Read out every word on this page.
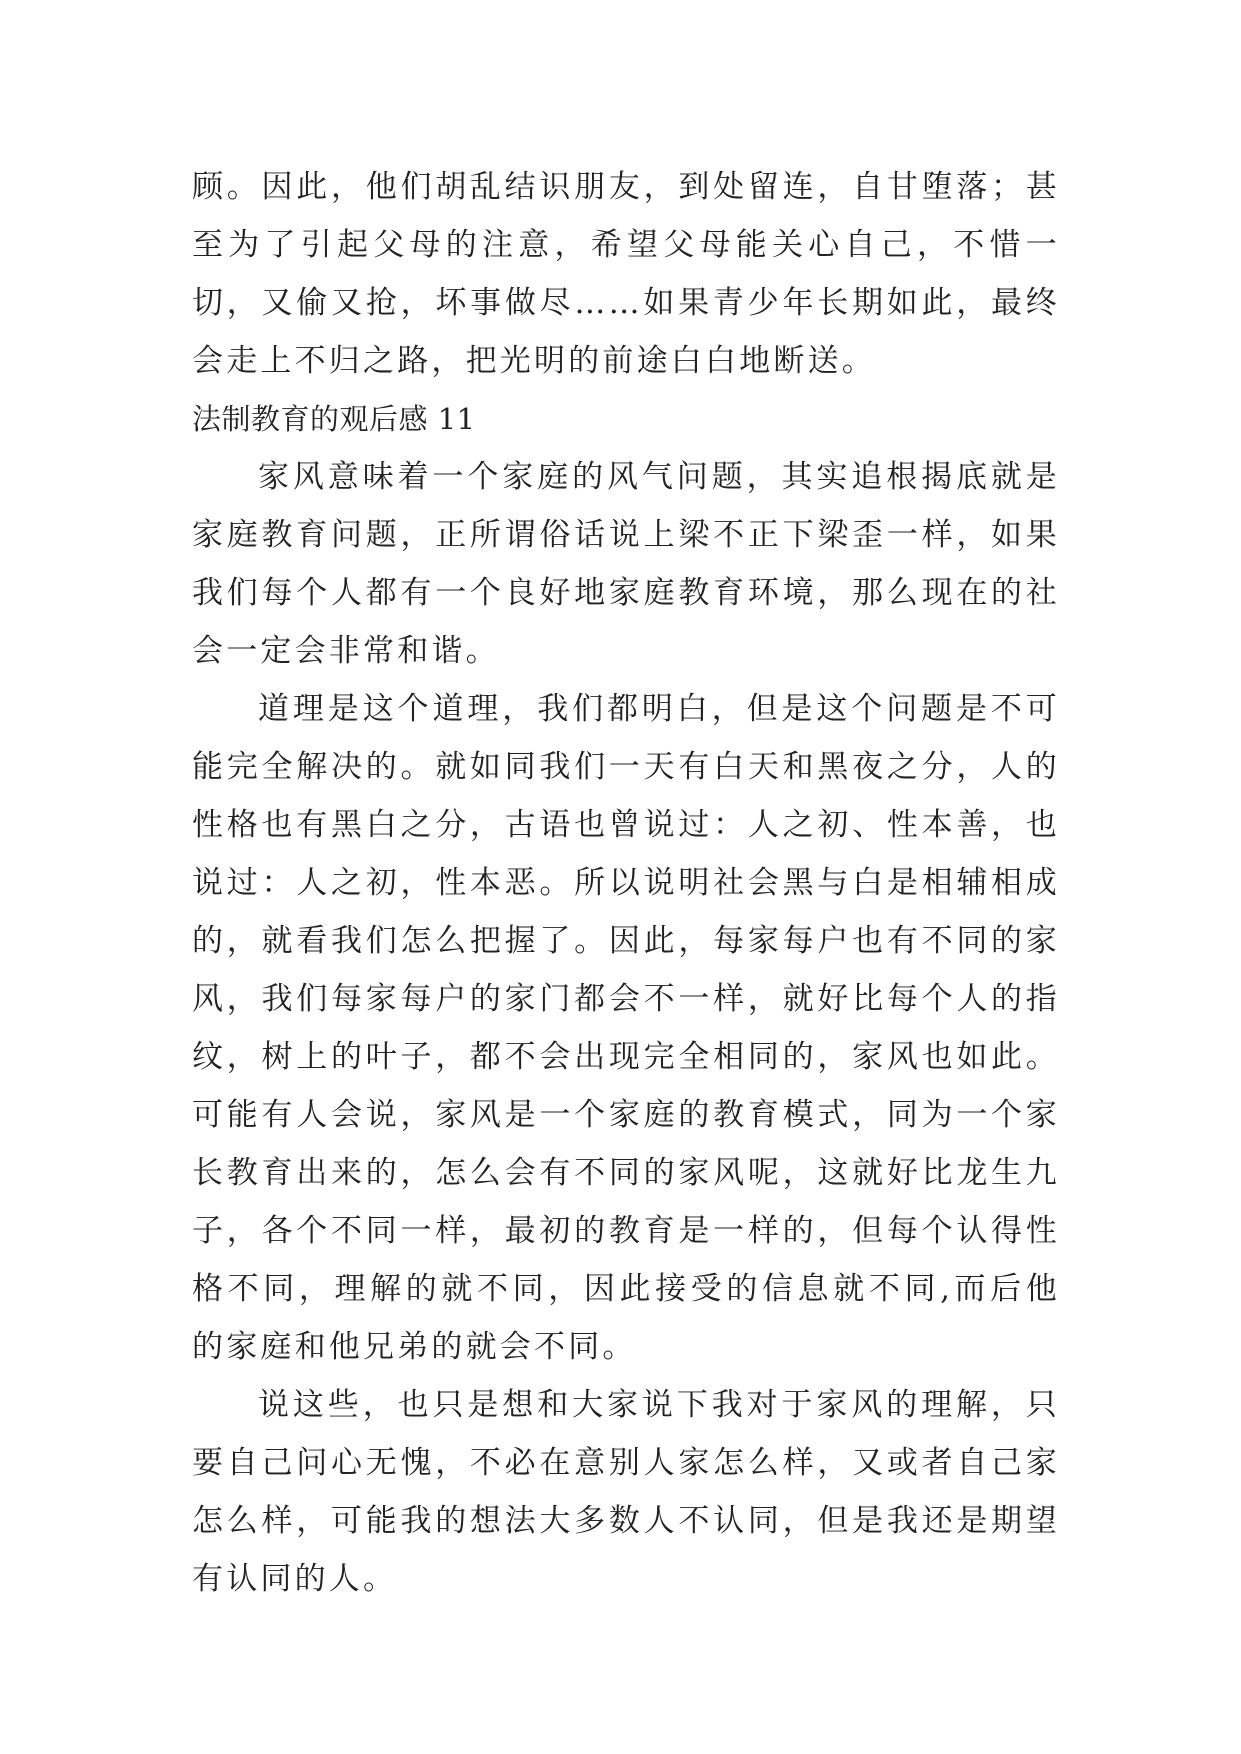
顾。因此，他们胡乱结识朋友，到处留连，自甘堕落；甚至为了引起父母的注意，希望父母能关心自己，不惜一切，又偷又抢，坏事做尽……如果青少年长期如此，最终会走上不归之路，把光明的前途白白地断送。

法制教育的观后感 11

家风意味着一个家庭的风气问题，其实追根揭底就是家庭教育问题，正所谓俗话说上梁不正下梁歪一样，如果我们每个人都有一个良好地家庭教育环境，那么现在的社会一定会非常和谐。

道理是这个道理，我们都明白，但是这个问题是不可能完全解决的。就如同我们一天有白天和黑夜之分，人的性格也有黑白之分，古语也曾说过：人之初、性本善，也说过：人之初，性本恶。所以说明社会黑与白是相辅相成的，就看我们怎么把握了。因此，每家每户也有不同的家风，我们每家每户的家门都会不一样，就好比每个人的指纹，树上的叶子，都不会出现完全相同的，家风也如此。可能有人会说，家风是一个家庭的教育模式，同为一个家长教育出来的，怎么会有不同的家风呢，这就好比龙生九子，各个不同一样，最初的教育是一样的，但每个认得性格不同，理解的就不同，因此接受的信息就不同,而后他的家庭和他兄弟的就会不同。

说这些，也只是想和大家说下我对于家风的理解，只要自己问心无愧，不必在意别人家怎么样，又或者自己家怎么样，可能我的想法大多数人不认同，但是我还是期望有认同的人。
